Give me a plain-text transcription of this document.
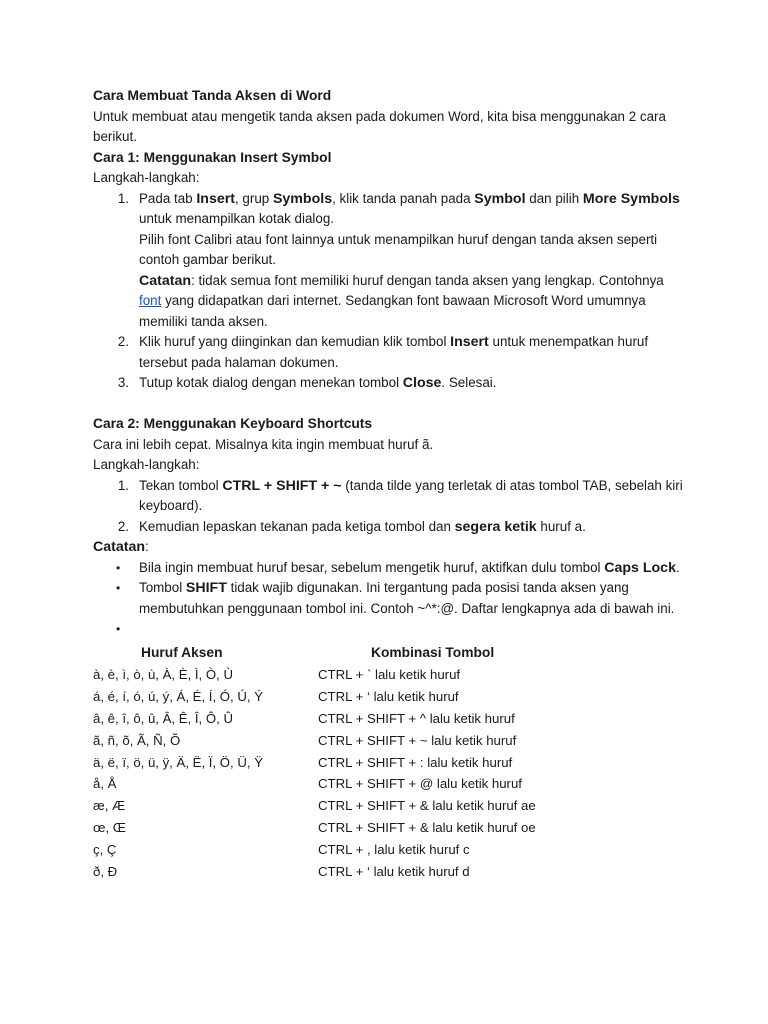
Cara Membuat Tanda Aksen di Word

Untuk membuat atau mengetik tanda aksen pada dokumen Word, kita bisa menggunakan 2 cara berikut.

Cara 1: Menggunakan Insert Symbol

Langkah-langkah:

1. Pada tab Insert, grup Symbols, klik tanda panah pada Symbol dan pilih More Symbols untuk menampilkan kotak dialog.

Pilih font Calibri atau font lainnya untuk menampilkan huruf dengan tanda aksen seperti contoh gambar berikut.

Catatan: tidak semua font memiliki huruf dengan tanda aksen yang lengkap. Contohnya font yang didapatkan dari internet. Sedangkan font bawaan Microsoft Word umumnya memiliki tanda aksen.

2. Klik huruf yang diinginkan dan kemudian klik tombol Insert untuk menempatkan huruf tersebut pada halaman dokumen.

3. Tutup kotak dialog dengan menekan tombol Close. Selesai.

Cara 2: Menggunakan Keyboard Shortcuts

Cara ini lebih cepat. Misalnya kita ingin membuat huruf ã.

Langkah-langkah:

1. Tekan tombol CTRL + SHIFT + ~ (tanda tilde yang terletak di atas tombol TAB, sebelah kiri keyboard).

2. Kemudian lepaskan tekanan pada ketiga tombol dan segera ketik huruf a.

Catatan:

• Bila ingin membuat huruf besar, sebelum mengetik huruf, aktifkan dulu tombol Caps Lock.

• Tombol SHIFT tidak wajib digunakan. Ini tergantung pada posisi tanda aksen yang membutuhkan penggunaan tombol ini. Contoh ~^*:@. Daftar lengkapnya ada di bawah ini.

•

Huruf Aksen	Kombinasi Tombol
à, è, ì, ò, ù, À, È, Ì, Ò, Ù	CTRL + ` lalu ketik huruf
á, é, í, ó, ú, ý, Á, É, Í, Ó, Ú, Ý	CTRL + ‘ lalu ketik huruf
â, ê, î, ô, û, Â, Ê, Î, Ô, Û	CTRL + SHIFT + ^ lalu ketik huruf
ã, ñ, õ, Ã, Ñ, Õ	CTRL + SHIFT + ~ lalu ketik huruf
ä, ë, ï, ö, ü, ÿ, Ä, Ë, Ï, Ö, Ü, Ÿ	CTRL + SHIFT + : lalu ketik huruf
å, Å	CTRL + SHIFT + @ lalu ketik huruf
æ, Æ	CTRL + SHIFT + & lalu ketik huruf ae
œ, Œ	CTRL + SHIFT + & lalu ketik huruf oe
ç, Ç	CTRL + , lalu ketik huruf c
ð, Đ	CTRL + ‘ lalu ketik huruf d
